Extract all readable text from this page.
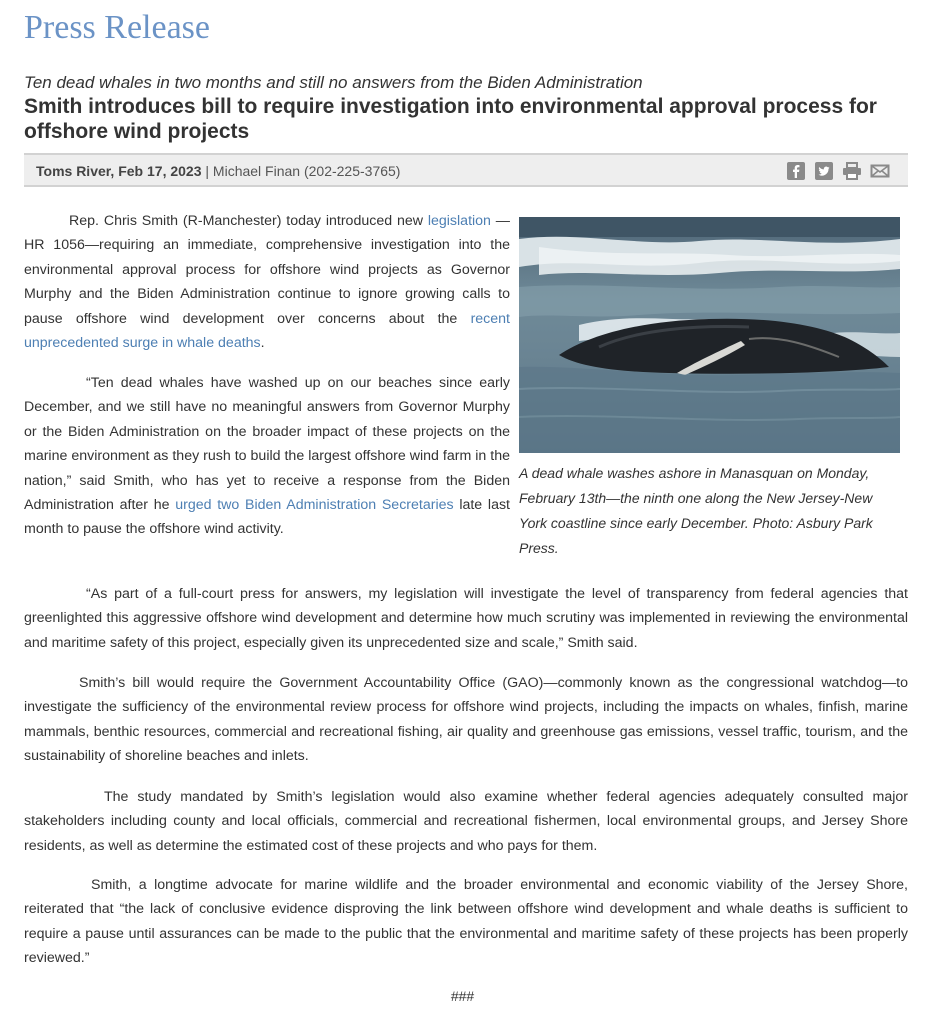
Press Release
Ten dead whales in two months and still no answers from the Biden Administration
Smith introduces bill to require investigation into environmental approval process for offshore wind projects
Toms River, Feb 17, 2023 | Michael Finan (202-225-3765)
Rep. Chris Smith (R-Manchester) today introduced new legislation —HR 1056—requiring an immediate, comprehensive investigation into the environmental approval process for offshore wind projects as Governor Murphy and the Biden Administration continue to ignore growing calls to pause offshore wind development over concerns about the recent unprecedented surge in whale deaths.
“Ten dead whales have washed up on our beaches since early December, and we still have no meaningful answers from Governor Murphy or the Biden Administration on the broader impact of these projects on the marine environment as they rush to build the largest offshore wind farm in the nation,” said Smith, who has yet to receive a response from the Biden Administration after he urged two Biden Administration Secretaries late last month to pause the offshore wind activity.
A dead whale washes ashore in Manasquan on Monday, February 13th—the ninth one along the New Jersey-New York coastline since early December. Photo: Asbury Park Press.
“As part of a full-court press for answers, my legislation will investigate the level of transparency from federal agencies that greenlighted this aggressive offshore wind development and determine how much scrutiny was implemented in reviewing the environmental and maritime safety of this project, especially given its unprecedented size and scale,” Smith said.
Smith’s bill would require the Government Accountability Office (GAO)—commonly known as the congressional watchdog—to investigate the sufficiency of the environmental review process for offshore wind projects, including the impacts on whales, finfish, marine mammals, benthic resources, commercial and recreational fishing, air quality and greenhouse gas emissions, vessel traffic, tourism, and the sustainability of shoreline beaches and inlets.
The study mandated by Smith’s legislation would also examine whether federal agencies adequately consulted major stakeholders including county and local officials, commercial and recreational fishermen, local environmental groups, and Jersey Shore residents, as well as determine the estimated cost of these projects and who pays for them.
Smith, a longtime advocate for marine wildlife and the broader environmental and economic viability of the Jersey Shore, reiterated that “the lack of conclusive evidence disproving the link between offshore wind development and whale deaths is sufficient to require a pause until assurances can be made to the public that the environmental and maritime safety of these projects has been properly reviewed.”
###
